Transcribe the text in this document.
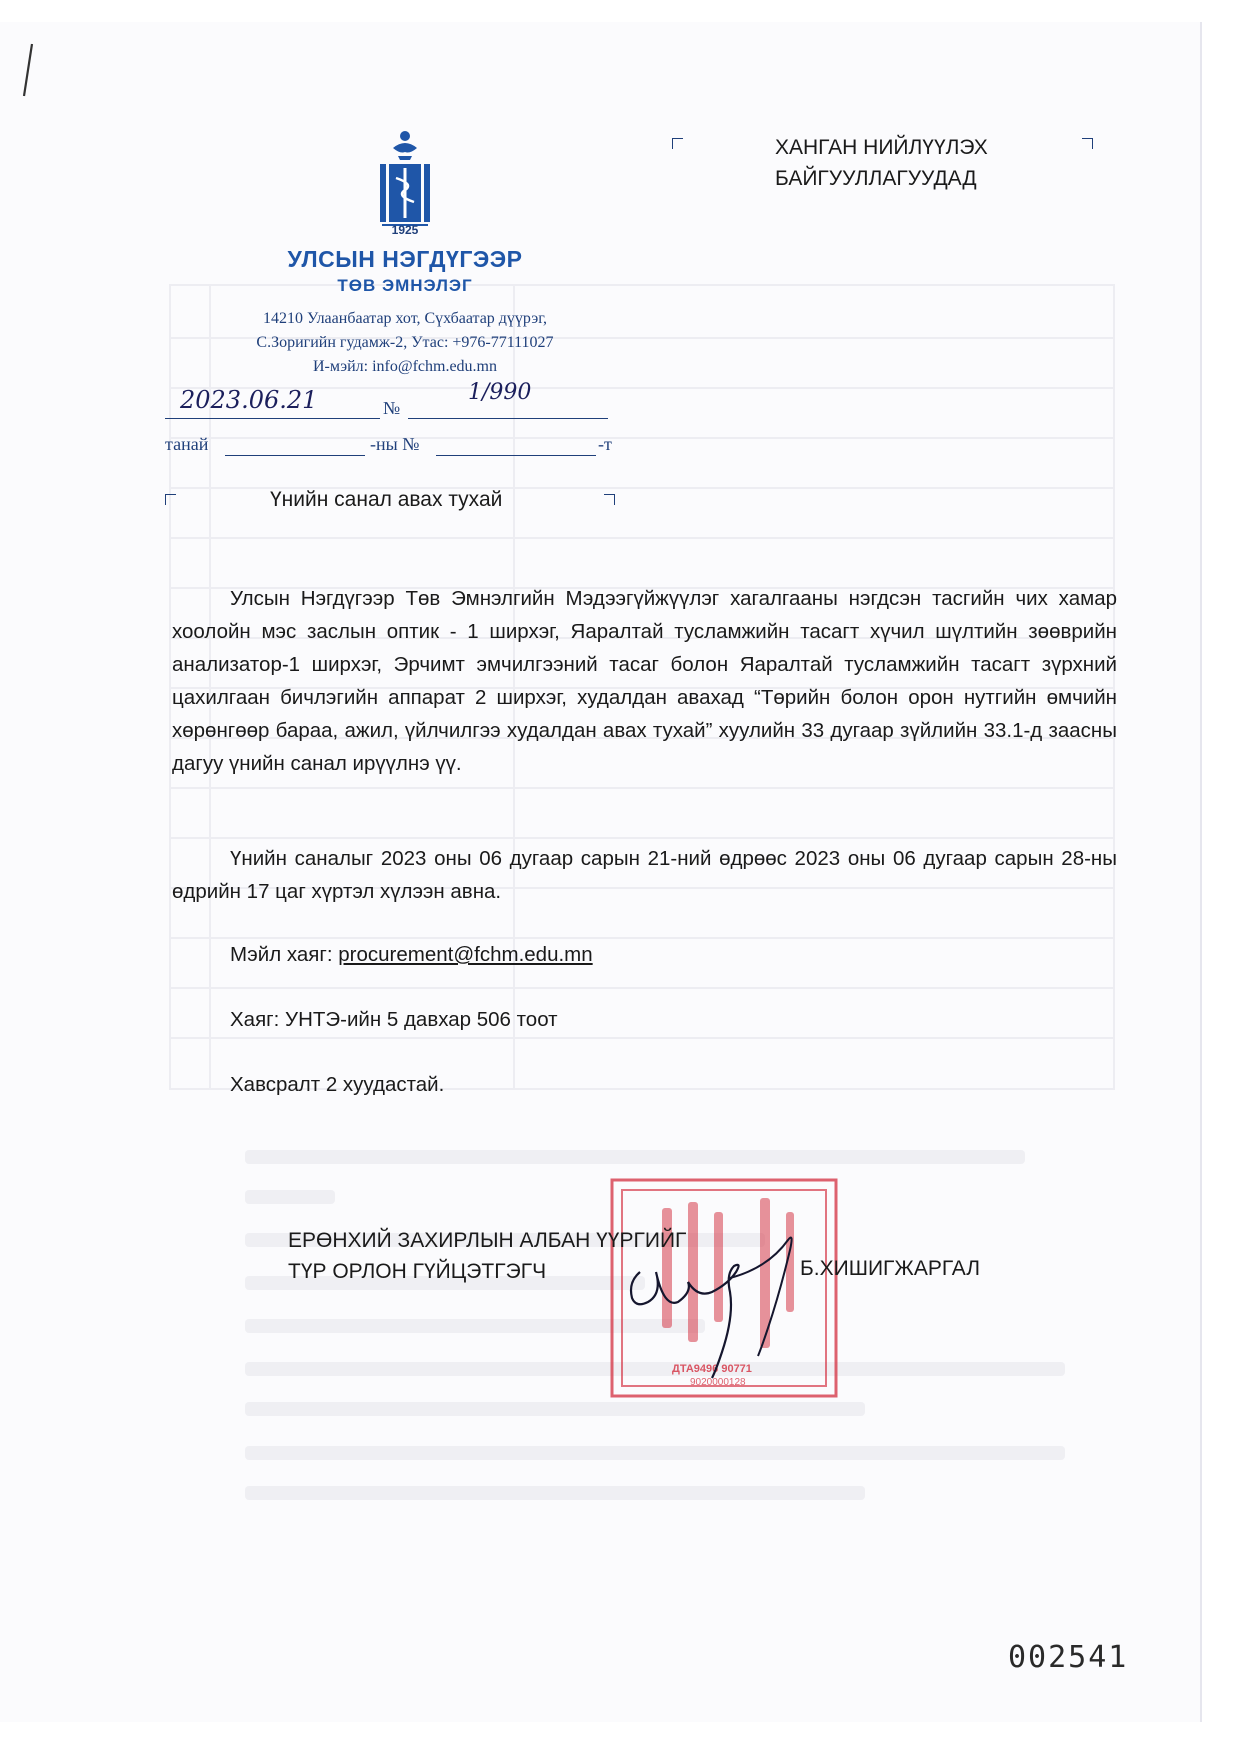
1925
УЛСЫН НЭГДҮГЭЭР
ТӨВ ЭМНЭЛЭГ
14210 Улаанбаатар хот, Сүхбаатар дүүрэг,
С.Зоригийн гудамж-2, Утас: +976-77111027
И-мэйл: info@fchm.edu.mn
ХАНГАН НИЙЛҮҮЛЭХ
БАЙГУУЛЛАГУУДАД
2023.06.21	№
1/990
танай	-ны №	-т
Үнийн санал авах тухай

Улсын Нэгдүгээр Төв Эмнэлгийн Мэдээгүйжүүлэг хагалгааны нэгдсэн тасгийн чих хамар хоолойн мэс заслын оптик - 1 ширхэг, Яаралтай тусламжийн тасагт хүчил шүлтийн зөөврийн анализатор-1 ширхэг, Эрчимт эмчилгээний тасаг болон Яаралтай тусламжийн тасагт зүрхний цахилгаан бичлэгийн аппарат 2 ширхэг, худалдан авахад “Төрийн болон орон нутгийн өмчийн хөрөнгөөр бараа, ажил, үйлчилгээ худалдан авах тухай” хуулийн 33 дугаар зүйлийн 33.1-д заасны дагуу үнийн санал ирүүлнэ үү.

Үнийн саналыг 2023 оны 06 дугаар сарын 21-ний өдрөөс 2023 оны 06 дугаар сарын 28-ны өдрийн 17 цаг хүртэл хүлээн авна.

Мэйл хаяг: procurement@fchm.edu.mn
Хаяг: УНТЭ-ийн 5 давхар 506 тоот
Хавсралт 2 хуудастай.
ДТА9496 90771
9020000128
ЕРӨНХИЙ ЗАХИРЛЫН АЛБАН ҮҮРГИЙГ
ТҮР ОРЛОН ГҮЙЦЭТГЭГЧ	Б.ХИШИГЖАРГАЛ
002541
